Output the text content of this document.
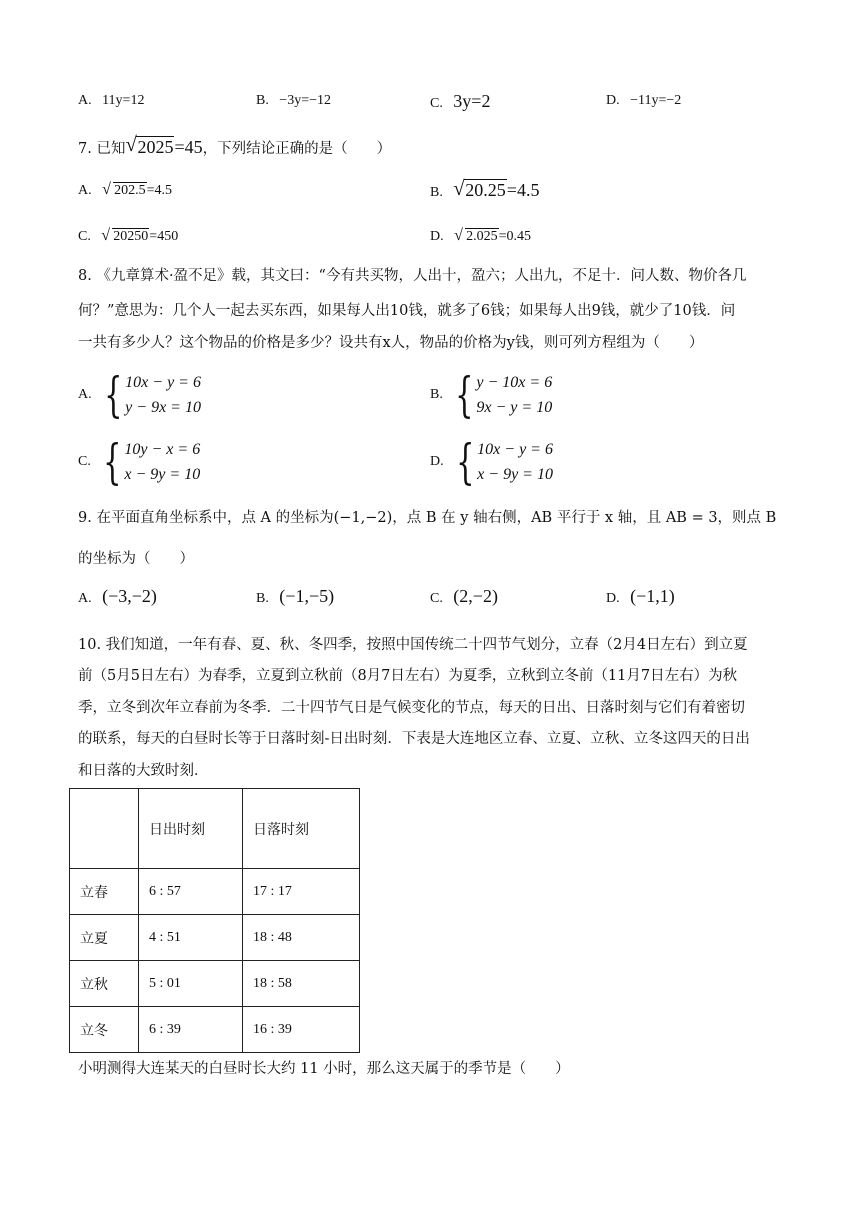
A. 11y=12	B. −3y=−12	C. 3y=2	D. −11y=−2
7. 已知 √ 2025=45，下列结论正确的是（　　）
A. √ 202.5=4.5	B. √ 20.25=4.5
C. √ 20250=450	D. √ 2.025=0.45
8. 《九章算术·盈不足》载，其文曰：“今有共买物，人出十，盈六；人出九，不足十．问人数、物价各几
何？”意思为：几个人一起去买东西，如果每人出10钱，就多了6钱；如果每人出9钱，就少了10钱．问
一共有多少人？这个物品的价格是多少？设共有x人，物品的价格为y钱，则可列方程组为（　　）
A. { 10x − y = 6
y − 9x = 10
B. { y − 10x = 6
9x − y = 10
C. { 10y − x = 6
x − 9y = 10
D. { 10x − y = 6
x − 9y = 10
9. 在平面直角坐标系中，点 A 的坐标为(−1,−2)，点 B 在 y 轴右侧，AB 平行于 x 轴，且 AB = 3，则点 B
的坐标为（　　）
A. (−3,−2)	B. (−1,−5)	C. (2,−2)	D. (−1,1)
10. 我们知道，一年有春、夏、秋、冬四季，按照中国传统二十四节气划分，立春（2月4日左右）到立夏
前（5月5日左右）为春季，立夏到立秋前（8月7日左右）为夏季，立秋到立冬前（11月7日左右）为秋
季，立冬到次年立春前为冬季．二十四节气日是气候变化的节点，每天的日出、日落时刻与它们有着密切
的联系，每天的白昼时长等于日落时刻-日出时刻．下表是大连地区立春、立夏、立秋、立冬这四天的日出
和日落的大致时刻．
	日出时刻	日落时刻
立春	6 : 57	17 : 17
立夏	4 : 51	18 : 48
立秋	5 : 01	18 : 58
立冬	6 : 39	16 : 39
小明测得大连某天的白昼时长大约 11 小时，那么这天属于的季节是（　　）
